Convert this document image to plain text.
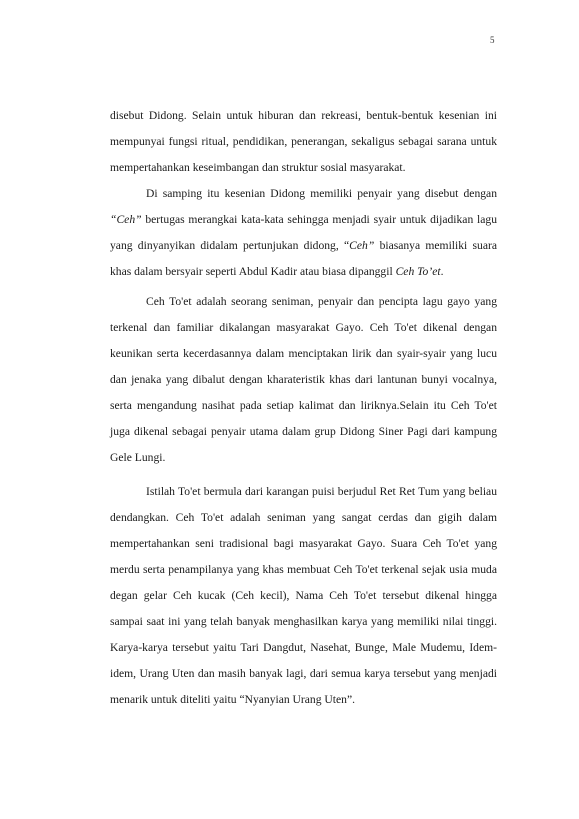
5
disebut Didong. Selain untuk hiburan dan rekreasi, bentuk-bentuk kesenian ini
mempunyai fungsi ritual, pendidikan, penerangan, sekaligus sebagai sarana untuk
mempertahankan keseimbangan dan struktur sosial masyarakat.
Di samping itu kesenian Didong memiliki penyair yang disebut dengan
“Ceh” bertugas merangkai kata-kata sehingga menjadi syair untuk dijadikan lagu
yang dinyanyikan didalam pertunjukan didong, “Ceh” biasanya memiliki suara
khas dalam bersyair seperti Abdul Kadir atau biasa dipanggil Ceh To’et.
Ceh To'et adalah seorang seniman, penyair dan pencipta lagu gayo yang
terkenal dan familiar dikalangan masyarakat Gayo. Ceh To'et dikenal dengan
keunikan serta kecerdasannya dalam menciptakan lirik dan syair-syair yang lucu
dan jenaka yang dibalut dengan kharateristik khas dari lantunan bunyi vocalnya,
serta mengandung nasihat pada setiap kalimat dan liriknya.Selain itu Ceh To'et
juga dikenal sebagai penyair utama dalam grup Didong Siner Pagi dari kampung
Gele Lungi.
Istilah To'et bermula dari karangan puisi berjudul Ret Ret Tum yang beliau
dendangkan. Ceh To'et adalah seniman yang sangat cerdas dan gigih dalam
mempertahankan seni tradisional bagi masyarakat Gayo. Suara Ceh To'et yang
merdu serta penampilanya yang khas membuat Ceh To'et terkenal sejak usia muda
degan gelar Ceh kucak (Ceh kecil), Nama Ceh To'et tersebut dikenal hingga
sampai saat ini yang telah banyak menghasilkan karya yang memiliki nilai tinggi.
Karya-karya tersebut yaitu Tari Dangdut, Nasehat, Bunge, Male Mudemu, Idem-
idem, Urang Uten dan masih banyak lagi, dari semua karya tersebut yang menjadi
menarik untuk diteliti yaitu “Nyanyian Urang Uten”.
